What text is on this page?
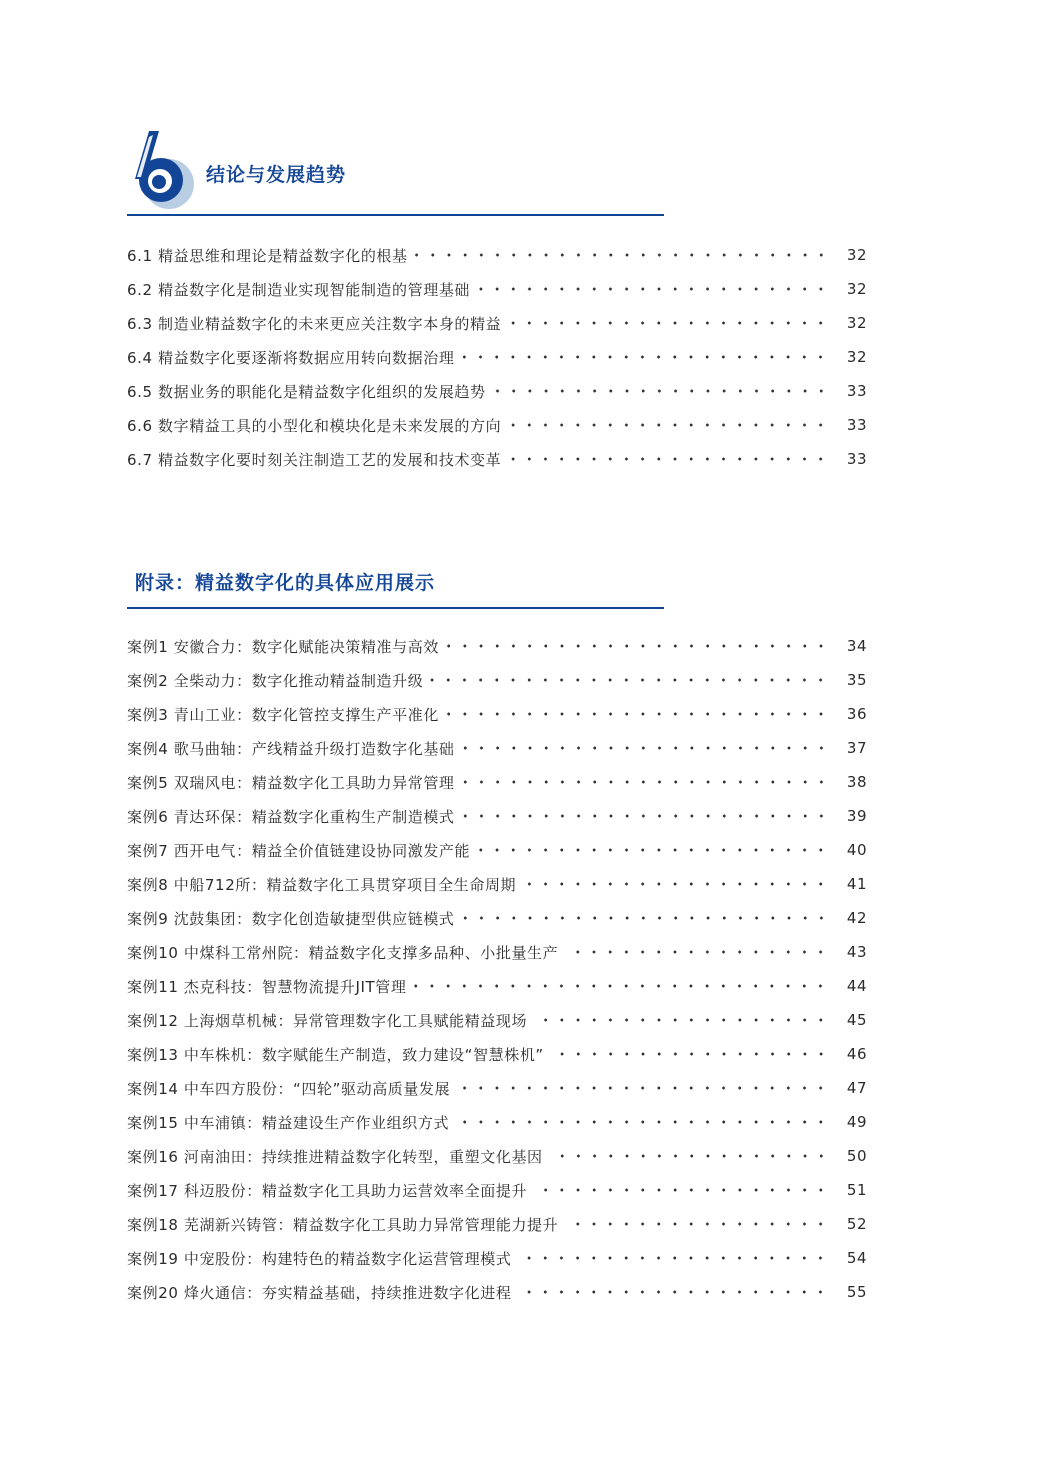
结论与发展趋势
6.1 精益思维和理论是精益数字化的根基	32
6.2 精益数字化是制造业实现智能制造的管理基础	32
6.3 制造业精益数字化的未来更应关注数字本身的精益	32
6.4 精益数字化要逐渐将数据应用转向数据治理	32
6.5 数据业务的职能化是精益数字化组织的发展趋势	33
6.6 数字精益工具的小型化和模块化是未来发展的方向	33
6.7 精益数字化要时刻关注制造工艺的发展和技术变革	33
附录：精益数字化的具体应用展示
案例1 安徽合力：数字化赋能决策精准与高效	34
案例2 全柴动力：数字化推动精益制造升级	35
案例3 青山工业：数字化管控支撑生产平准化	36
案例4 歌马曲轴：产线精益升级打造数字化基础	37
案例5 双瑞风电：精益数字化工具助力异常管理	38
案例6 青达环保：精益数字化重构生产制造模式	39
案例7 西开电气：精益全价值链建设协同激发产能	40
案例8 中船712所：精益数字化工具贯穿项目全生命周期	41
案例9 沈鼓集团：数字化创造敏捷型供应链模式	42
案例10 中煤科工常州院：精益数字化支撑多品种、小批量生产	43
案例11 杰克科技：智慧物流提升JIT管理	44
案例12 上海烟草机械：异常管理数字化工具赋能精益现场	45
案例13 中车株机：数字赋能生产制造，致力建设“智慧株机”	46
案例14 中车四方股份：“四轮”驱动高质量发展	47
案例15 中车浦镇：精益建设生产作业组织方式	49
案例16 河南油田：持续推进精益数字化转型，重塑文化基因	50
案例17 科迈股份：精益数字化工具助力运营效率全面提升	51
案例18 芜湖新兴铸管：精益数字化工具助力异常管理能力提升	52
案例19 中宠股份：构建特色的精益数字化运营管理模式	54
案例20 烽火通信：夯实精益基础，持续推进数字化进程	55
